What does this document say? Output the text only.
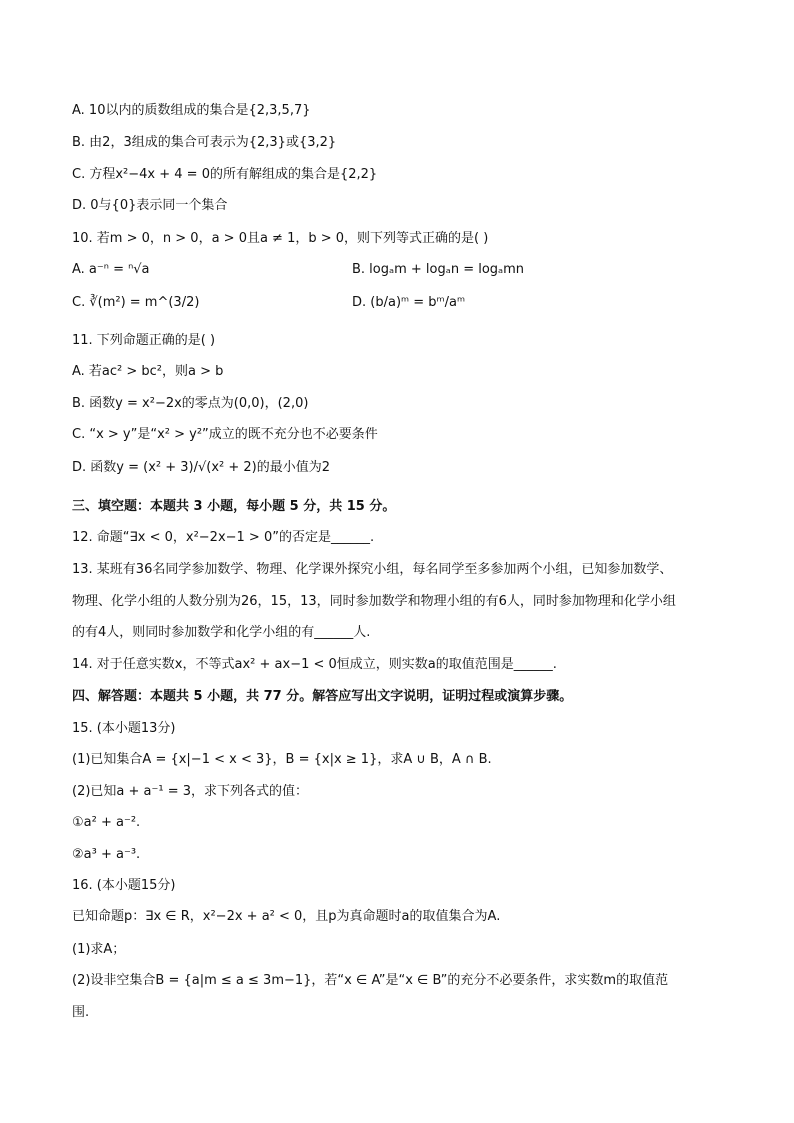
A. 10以内的质数组成的集合是{2,3,5,7}
B. 由2，3组成的集合可表示为{2,3}或{3,2}
C. 方程x²−4x + 4 = 0的所有解组成的集合是{2,2}
D. 0与{0}表示同一个集合
10. 若m > 0，n > 0，a > 0且a ≠ 1，b > 0，则下列等式正确的是( )
A. a⁻ⁿ = ⁿ√a	B. logₐm + logₐn = logₐmn
C. ∛(m²) = m^(3/2)	D. (b/a)ᵐ = bᵐ/aᵐ
11. 下列命题正确的是( )
A. 若ac² > bc²，则a > b
B. 函数y = x²−2x的零点为(0,0)，(2,0)
C. “x > y”是“x² > y²”成立的既不充分也不必要条件
D. 函数y = (x² + 3)/√(x² + 2)的最小值为2
三、填空题：本题共 3 小题，每小题 5 分，共 15 分。
12. 命题“∃x < 0，x²−2x−1 > 0”的否定是______.
13. 某班有36名同学参加数学、物理、化学课外探究小组，每名同学至多参加两个小组，已知参加数学、
物理、化学小组的人数分别为26，15，13，同时参加数学和物理小组的有6人，同时参加物理和化学小组
的有4人，则同时参加数学和化学小组的有______人.
14. 对于任意实数x，不等式ax² + ax−1 < 0恒成立，则实数a的取值范围是______.
四、解答题：本题共 5 小题，共 77 分。解答应写出文字说明，证明过程或演算步骤。
15. (本小题13分)
(1)已知集合A = {x|−1 < x < 3}，B = {x|x ≥ 1}，求A ∪ B，A ∩ B.
(2)已知a + a⁻¹ = 3，求下列各式的值：
①a² + a⁻².
②a³ + a⁻³.
16. (本小题15分)
已知命题p：∃x ∈ R，x²−2x + a² < 0，且p为真命题时a的取值集合为A.
(1)求A；
(2)设非空集合B = {a|m ≤ a ≤ 3m−1}，若“x ∈ A”是“x ∈ B”的充分不必要条件，求实数m的取值范
围.
